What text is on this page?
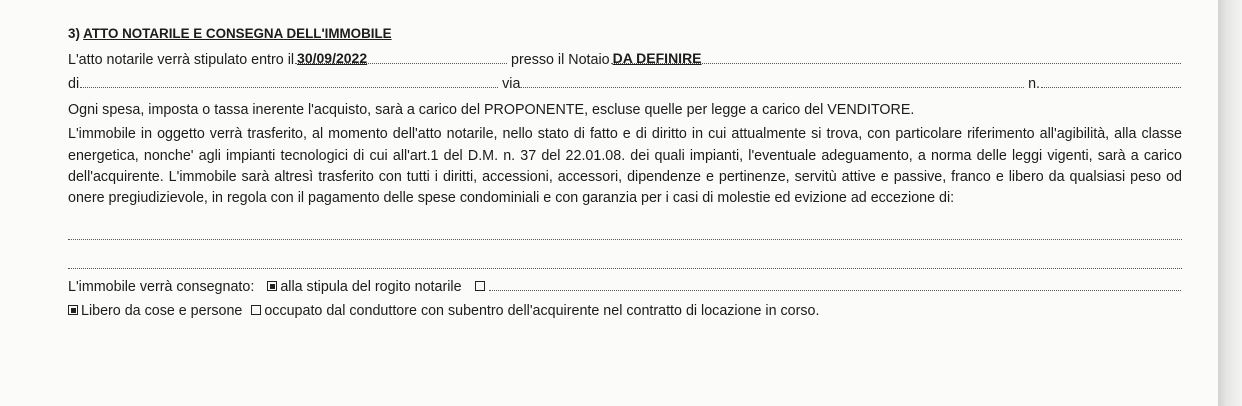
3) ATTO NOTARILE E CONSEGNA DELL'IMMOBILE
L'atto notarile verrà stipulato entro il 30/09/2022	presso il Notaio DA DEFINIRE
di	via	n.
Ogni spesa, imposta o tassa inerente l'acquisto, sarà a carico del PROPONENTE, escluse quelle per legge a carico del VENDITORE.
L'immobile in oggetto verrà trasferito, al momento dell'atto notarile, nello stato di fatto e di diritto in cui attualmente si trova, con particolare riferimento all'agibilità, alla classe energetica, nonche' agli impianti tecnologici di cui all'art.1 del D.M. n. 37 del 22.01.08. dei quali impianti, l'eventuale adeguamento, a norma delle leggi vigenti, sarà a carico dell'acquirente. L'immobile sarà altresì trasferito con tutti i diritti, accessioni, accessori, dipendenze e pertinenze, servitù attive e passive, franco e libero da qualsiasi peso od onere pregiudizievole, in regola con il pagamento delle spese condominiali e con garanzia per i casi di molestie ed evizione ad eccezione di:
L'immobile verrà consegnato: alla stipula del rogito notarile
Libero da cose e persone occupato dal conduttore con subentro dell'acquirente nel contratto di locazione in corso.
